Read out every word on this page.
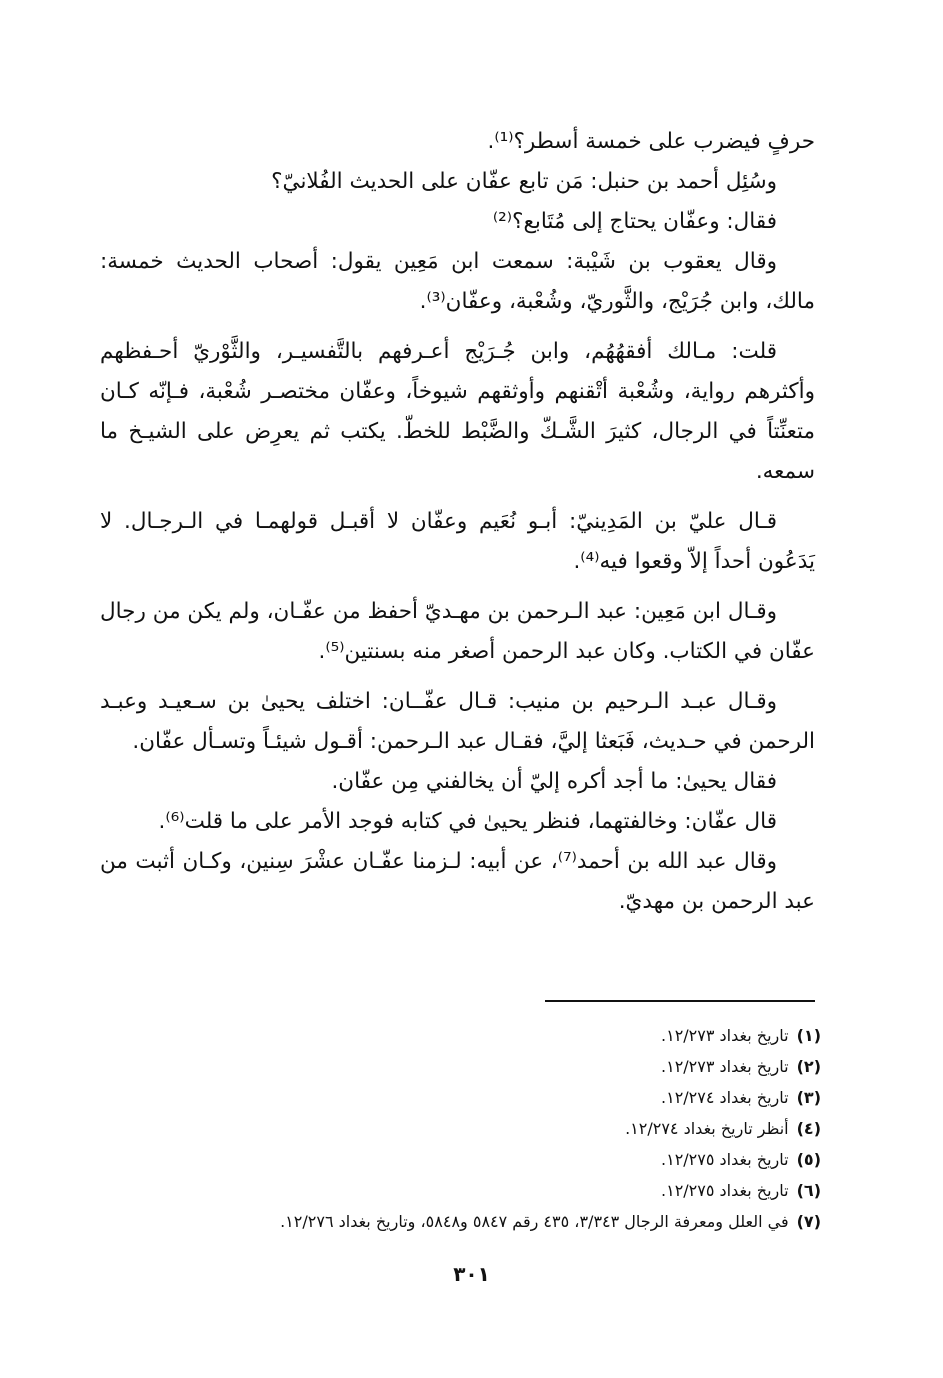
حرفٍ فيضرب على خمسة أسطر؟⁽¹⁾.

وسُئِل أحمد بن حنبل: مَن تابع عفّان على الحديث الفُلانيّ؟

فقال: وعفّان يحتاج إلى مُتَابع؟⁽²⁾

وقال يعقوب بن شَيْبة: سمعت ابن مَعِين يقول: أصحاب الحديث خمسة: مالك، وابن جُرَيْج، والثَّوريّ، وشُعْبة، وعفّان⁽³⁾.

قلت: مـالك أفقهُهُم، وابن جُـرَيْج أعـرفهم بالتَّفسيـر، والثَّوْريّ أحـفظهم وأكثرهم رواية، وشُعْبة أتْقنهم وأوثقهم شيوخاً، وعفّان مختصـر شُعْبة، فـإنّه كـان متعنِّتاً في الرجال، كثيرَ الشَّـكّ والضَّبْط للخطّ. يكتب ثم يعرِض على الشيـخ ما سمعه.

قـال عليّ بن المَدِينيّ: أبـو نُعَيم وعفّان لا أقبـل قولهمـا في الـرجـال. لا يَدَعُون أحداً إلاّ وقعوا فيه⁽⁴⁾.

وقـال ابن مَعِين: عبد الـرحمن بن مهـديّ أحفظ من عفّـان، ولم يكن من رجال عفّان في الكتاب. وكان عبد الرحمن أصغر منه بسنتين⁽⁵⁾.

وقـال عبـد الـرحيم بن منيب: قـال عفّــان: اختلف يحيىٰ بن سـعيـد وعبـد الرحمن في حـديث، فَبَعثا إليَّ، فقـال عبد الـرحمن: أقـول شيئـاً وتسـأل عفّان.

فقال يحيىٰ: ما أجد أكره إليّ أن يخالفني مِن عفّان.

قال عفّان: وخالفتهما، فنظر يحيىٰ في كتابه فوجد الأمر على ما قلت⁽⁶⁾.

وقال عبد الله بن أحمد⁽⁷⁾، عن أبيه: لـزمنا عفّـان عشْرَ سِنين، وكـان أثبت من عبد الرحمن بن مهديّ.

(١)تاريخ بغداد ١٢/٢٧٣.

(٢)تاريخ بغداد ١٢/٢٧٣.

(٣)تاريخ بغداد ١٢/٢٧٤.

(٤)أنظر تاريخ بغداد ١٢/٢٧٤.

(٥)تاريخ بغداد ١٢/٢٧٥.

(٦)تاريخ بغداد ١٢/٢٧٥.

(٧)في العلل ومعرفة الرجال ٣/٣٤٣، ٤٣٥ رقم ٥٨٤٧ و٥٨٤٨، وتاريخ بغداد ١٢/٢٧٦.

٣٠١
